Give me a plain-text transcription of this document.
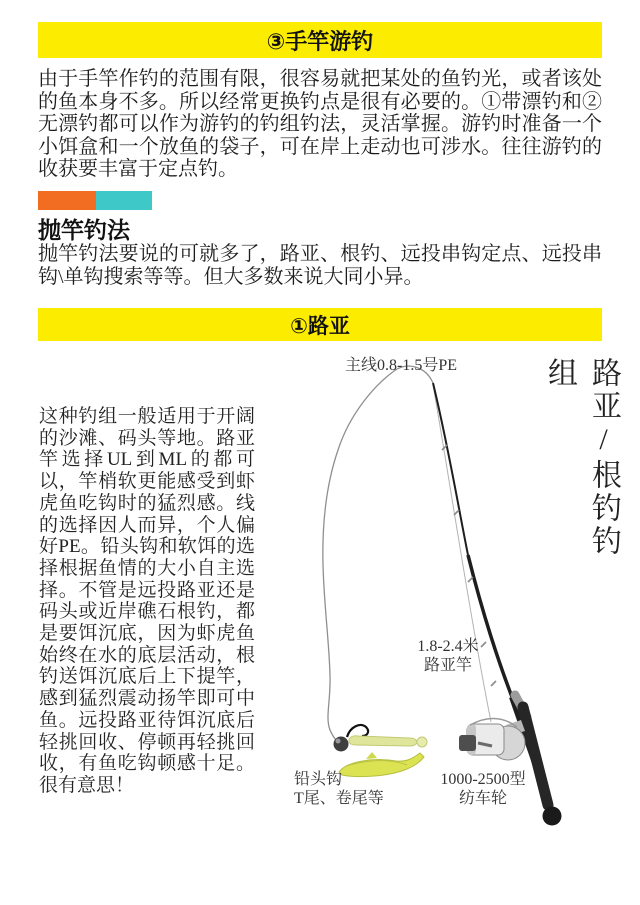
③手竿游钓
由于手竿作钓的范围有限，很容易就把某处的鱼钓光，或者该处的鱼本身不多。所以经常更换钓点是很有必要的。①带漂钓和②无漂钓都可以作为游钓的钓组钓法，灵活掌握。游钓时准备一个小饵盒和一个放鱼的袋子，可在岸上走动也可涉水。往往游钓的收获要丰富于定点钓。
抛竿钓法
抛竿钓法要说的可就多了，路亚、根钓、远投串钩定点、远投串钩\单钩搜索等等。但大多数来说大同小异。
①路亚
这种钓组一般适用于开阔的沙滩、码头等地。路亚竿选择UL到ML的都可以，竿梢软更能感受到虾虎鱼吃钩时的猛烈感。线的选择因人而异，个人偏好PE。铅头钩和软饵的选择根据鱼情的大小自主选择。不管是远投路亚还是码头或近岸礁石根钓，都是要饵沉底，因为虾虎鱼始终在水的底层活动，根钓送饵沉底后上下提竿，感到猛烈震动扬竿即可中鱼。远投路亚待饵沉底后轻挑回收、停顿再轻挑回收，有鱼吃钩顿感十足。很有意思！
主线0.8-1.5号PE
1.8-2.4米
路亚竿
铅头钩
T尾、卷尾等
1000-2500型
纺车轮
路亚/根钓钓组
